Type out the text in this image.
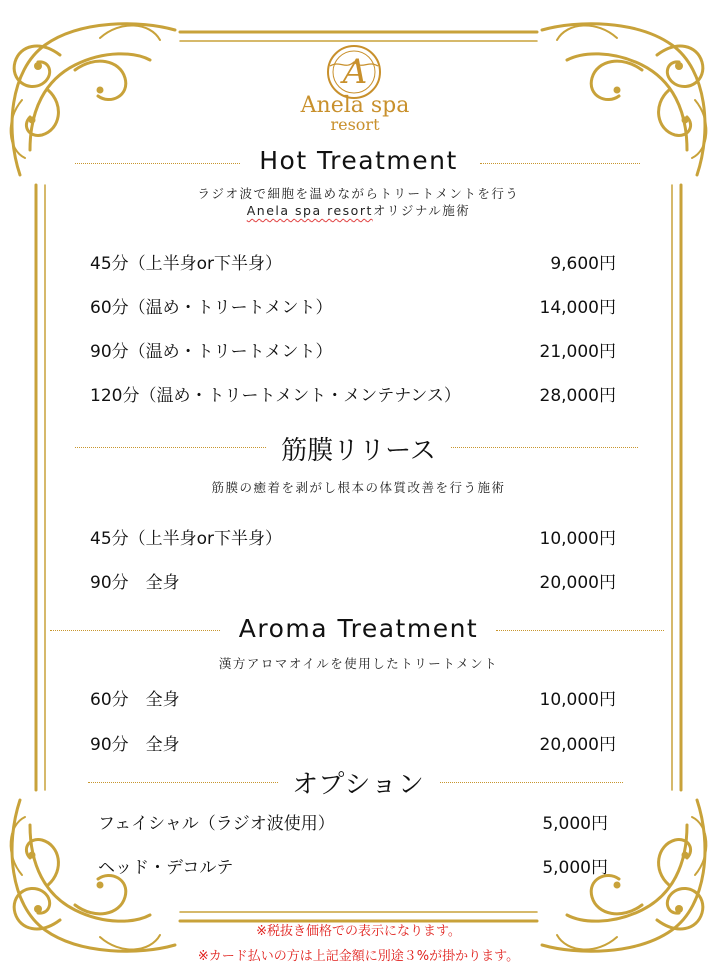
A
Anela spa
resort
Hot Treatment
ラジオ波で細胞を温めながらトリートメントを行う
Anela spa resortオリジナル施術
45分（上半身or下半身）	9,600円
60分（温め・トリートメント）	14,000円
90分（温め・トリートメント）	21,000円
120分（温め・トリートメント・メンテナンス）	28,000円
筋膜リリース
筋膜の癒着を剥がし根本の体質改善を行う施術
45分（上半身or下半身）	10,000円
90分　全身	20,000円
Aroma Treatment
漢方アロマオイルを使用したトリートメント
60分　全身	10,000円
90分　全身	20,000円
オプション
フェイシャル（ラジオ波使用）	5,000円
ヘッド・デコルテ	5,000円
※税抜き価格での表示になります。
※カード払いの方は上記金額に別途３%が掛かります。
